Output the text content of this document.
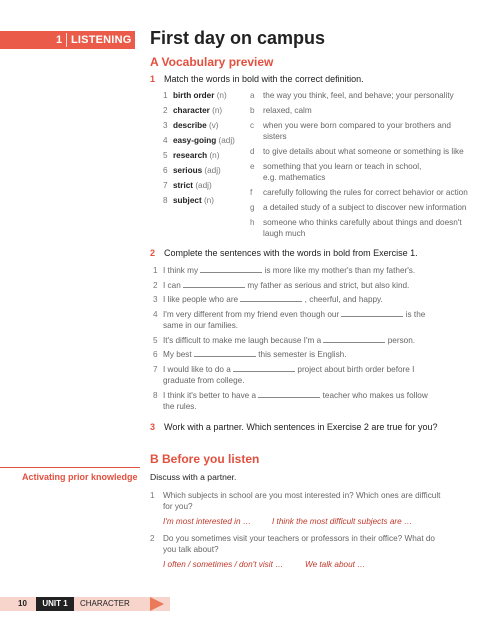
1 LISTENING First day on campus
A Vocabulary preview
1 Match the words in bold with the correct definition.
1 birth order (n)
2 character (n)
3 describe (v)
4 easy-going (adj)
5 research (n)
6 serious (adj)
7 strict (adj)
8 subject (n)
a the way you think, feel, and behave; your personality
b relaxed, calm
c when you were born compared to your brothers and
sisters
d to give details about what someone or something is like
e something that you learn or teach in school,
e.g. mathematics
f carefully following the rules for correct behavior or action
g a detailed study of a subject to discover new information
h someone who thinks carefully about things and doesn't
laugh much
2 Complete the sentences with the words in bold from Exercise 1.
1 I think my	is more like my mother's than my father's.
2 I can	my father as serious and strict, but also kind.
3 I like people who are	, cheerful, and happy.
4 I'm very different from my friend even though our	is the
same in our families.
5 It's difficult to make me laugh because I'm a	person.
6 My best	this semester is English.
7 I would like to do a	project about birth order before I
graduate from college.
8 I think it's better to have a	teacher who makes us follow
the rules.
3 Work with a partner. Which sentences in Exercise 2 are true for you?
Activating prior knowledge
B Before you listen
Discuss with a partner.
1 Which subjects in school are you most interested in? Which ones are difficult
for you?
I'm most interested in …	I think the most difficult subjects are …
2 Do you sometimes visit your teachers or professors in their office? What do
you talk about?
I often / sometimes / don't visit …	We talk about …
10	UNIT 1	CHARACTER
